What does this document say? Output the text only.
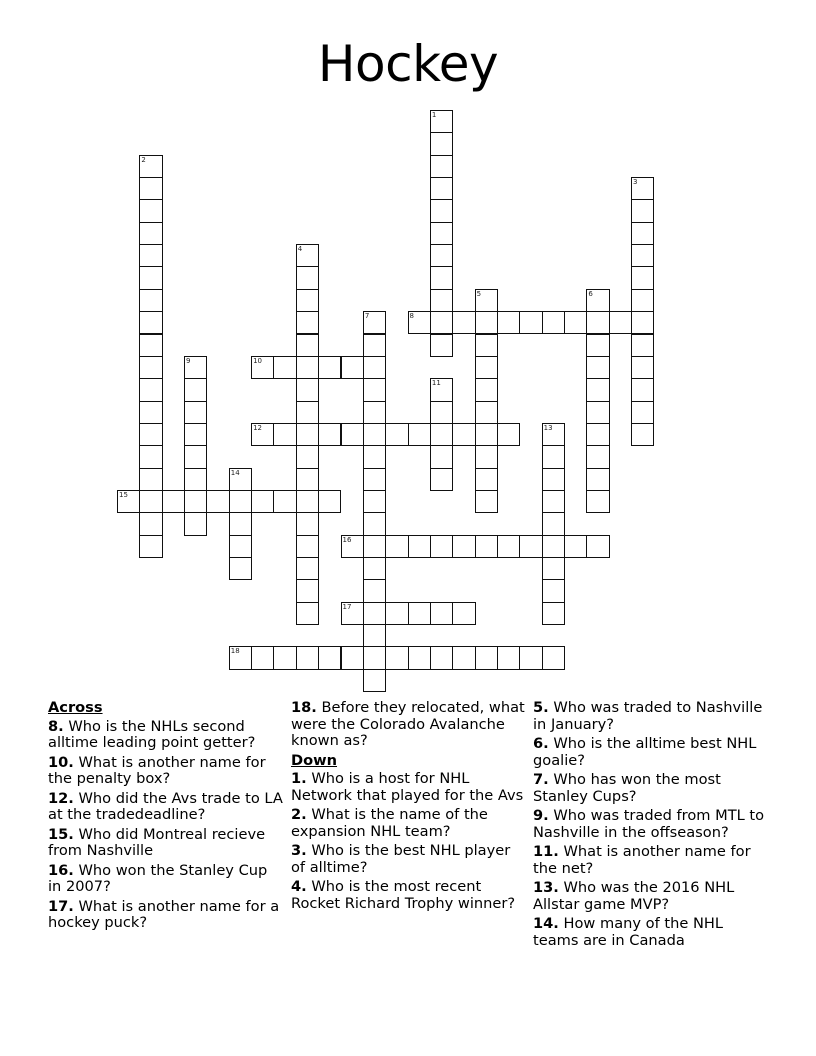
Hockey
1
2
3
4
5	6
7	8
9	10
11
12	13
14
15
16
17
18
Across
8. Who is the NHLs second alltime leading point getter?
10. What is another name for the penalty box?
12. Who did the Avs trade to LA at the tradedeadline?
15. Who did Montreal recieve from Nashville
16. Who won the Stanley Cup in 2007?
17. What is another name for a hockey puck?
18. Before they relocated, what were the Colorado Avalanche known as?
Down
1. Who is a host for NHL Network that played for the Avs
2. What is the name of the expansion NHL team?
3. Who is the best NHL player of alltime?
4. Who is the most recent Rocket Richard Trophy winner?
5. Who was traded to Nashville in January?
6. Who is the alltime best NHL goalie?
7. Who has won the most Stanley Cups?
9. Who was traded from MTL to Nashville in the offseason?
11. What is another name for the net?
13. Who was the 2016 NHL Allstar game MVP?
14. How many of the NHL teams are in Canada
